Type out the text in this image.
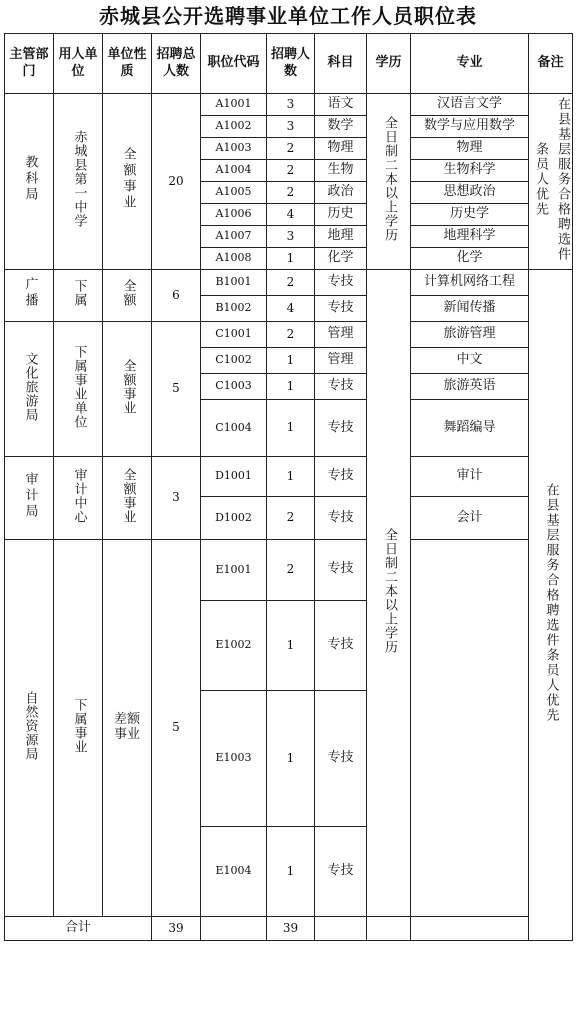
赤城县公开选聘事业单位工作人员职位表
主管部门	用人单位	单位性质	招聘总人数	职位代码	招聘人数	科目	学历	专业	备注	
教科局	赤城县第一中学	全额事业	20	A1001	3	语文	全日制二本以上学历	汉语言文学	在县基层服务合格聘选件条员人优先	
				A1002	3	数学		数学与应用数学		
				A1003	2	物理		物理		
				A1004	2	生物		生物科学		
				A1005	2	政治		思想政治		
				A1006	4	历史		历史学		
				A1007	3	地理		地理科学		
				A1008	1	化学		化学		
广播	下属	全额	6	B1001	2	专技	全日制二本以上学历	计算机网络工程	在县基层服务合格聘选件条员人优先	
				B1002	4	专技		新闻传播		
文化旅游局	下属事业单位	全额事业	5	C1001	2	管理		旅游管理		
				C1002	1	管理		中文		
				C1003	1	专技		旅游英语		
				C1004	1	专技		舞蹈编导		
审计局	审计中心	全额事业	3	D1001	1	专技		审计		
				D1002	2	专技		会计		
自然资源局	下属事业	差额事业	5	E1001	2	专技		
				E1002	1	专技	
				E1003	1	专技	
				E1004	1	专技		
合计			39		39					
